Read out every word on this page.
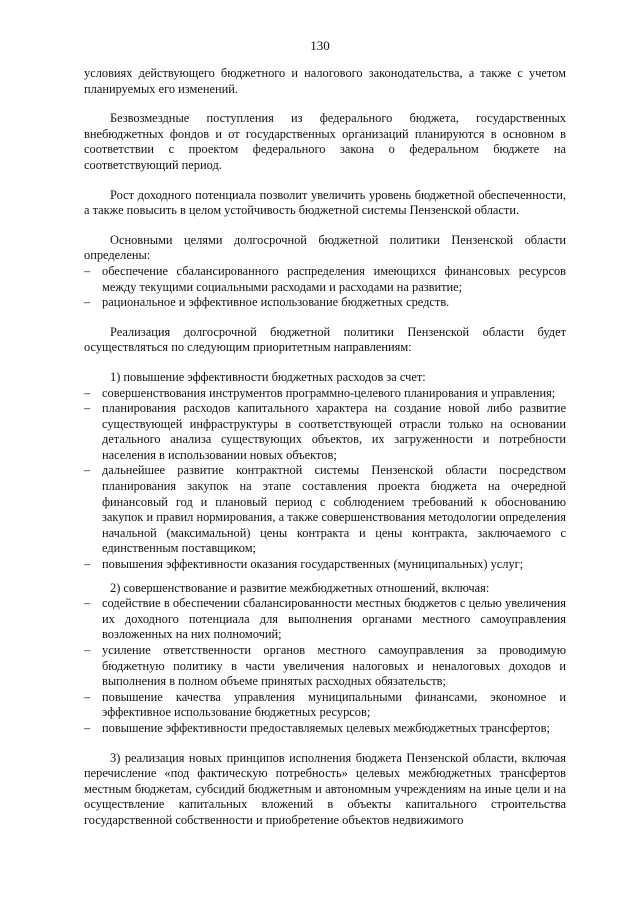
130

условиях действующего бюджетного и налогового законодательства, а также с учетом планируемых его изменений.

Безвозмездные поступления из федерального бюджета, государственных внебюджетных фондов и от государственных организаций планируются в основном в соответствии с проектом федерального закона о федеральном бюджете на соответствующий период.

Рост доходного потенциала позволит увеличить уровень бюджетной обеспеченности, а также повысить в целом устойчивость бюджетной системы Пензенской области.

Основными целями долгосрочной бюджетной политики Пензенской области определены:

– обеспечение сбалансированного распределения имеющихся финансовых ресурсов между текущими социальными расходами и расходами на развитие;

– рациональное и эффективное использование бюджетных средств.

Реализация долгосрочной бюджетной политики Пензенской области будет осуществляться по следующим приоритетным направлениям:

1) повышение эффективности бюджетных расходов за счет:

– совершенствования инструментов программно-целевого планирования и управления;

– планирования расходов капитального характера на создание новой либо развитие существующей инфраструктуры в соответствующей отрасли только на основании детального анализа существующих объектов, их загруженности и потребности населения в использовании новых объектов;

– дальнейшее развитие контрактной системы Пензенской области посредством планирования закупок на этапе составления проекта бюджета на очередной финансовый год и плановый период с соблюдением требований к обоснованию закупок и правил нормирования, а также совершенствования методологии определения начальной (максимальной) цены контракта и цены контракта, заключаемого с единственным поставщиком;

– повышения эффективности оказания государственных (муниципальных) услуг;

2) совершенствование и развитие межбюджетных отношений, включая:

– содействие в обеспечении сбалансированности местных бюджетов с целью увеличения их доходного потенциала для выполнения органами местного самоуправления возложенных на них полномочий;

– усиление ответственности органов местного самоуправления за проводимую бюджетную политику в части увеличения налоговых и неналоговых доходов и выполнения в полном объеме принятых расходных обязательств;

– повышение качества управления муниципальными финансами, экономное и эффективное использование бюджетных ресурсов;

– повышение эффективности предоставляемых целевых межбюджетных трансфертов;

3) реализация новых принципов исполнения бюджета Пензенской области, включая перечисление «под фактическую потребность» целевых межбюджетных трансфертов местным бюджетам, субсидий бюджетным и автономным учреждениям на иные цели и на осуществление капитальных вложений в объекты капитального строительства государственной собственности и приобретение объектов недвижимого
